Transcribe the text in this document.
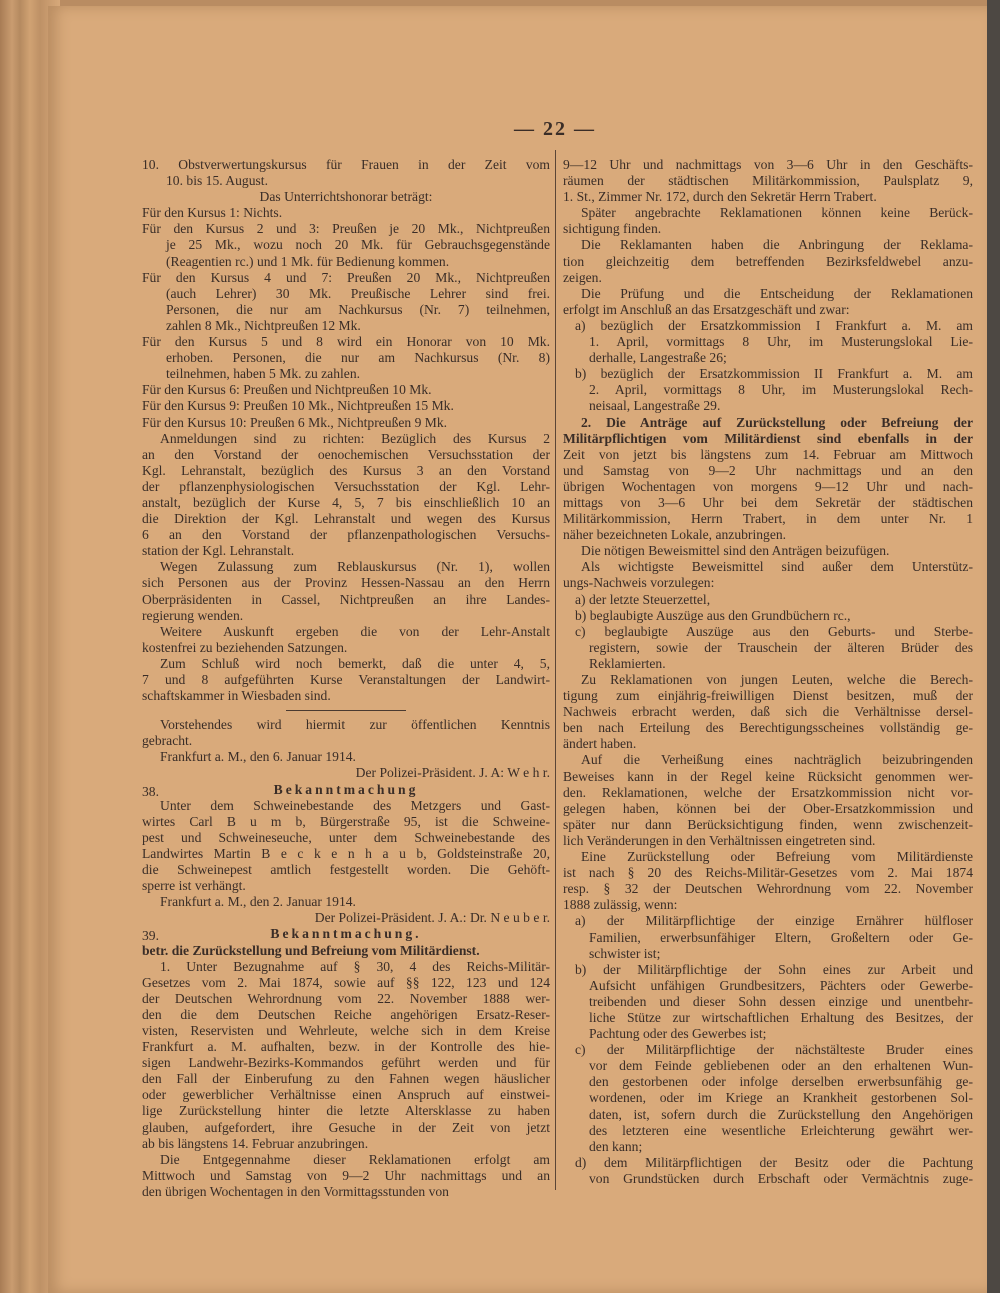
— 22 —
10. Obstverwertungskursus für Frauen in der Zeit vom
10. bis 15. August.
Das Unterrichtshonorar beträgt:
Für den Kursus 1: Nichts.
Für den Kursus 2 und 3: Preußen je 20 Mk., Nichtpreußen
je 25 Mk., wozu noch 20 Mk. für Gebrauchsgegenstände
(Reagentien rc.) und 1 Mk. für Bedienung kommen.
Für den Kursus 4 und 7: Preußen 20 Mk., Nichtpreußen
(auch Lehrer) 30 Mk. Preußische Lehrer sind frei.
Personen, die nur am Nachkursus (Nr. 7) teilnehmen,
zahlen 8 Mk., Nichtpreußen 12 Mk.
Für den Kursus 5 und 8 wird ein Honorar von 10 Mk.
erhoben. Personen, die nur am Nachkursus (Nr. 8)
teilnehmen, haben 5 Mk. zu zahlen.
Für den Kursus 6: Preußen und Nichtpreußen 10 Mk.
Für den Kursus 9: Preußen 10 Mk., Nichtpreußen 15 Mk.
Für den Kursus 10: Preußen 6 Mk., Nichtpreußen 9 Mk.
Anmeldungen sind zu richten: Bezüglich des Kursus 2
an den Vorstand der oenochemischen Versuchsstation der
Kgl. Lehranstalt, bezüglich des Kursus 3 an den Vorstand
der pflanzenphysiologischen Versuchsstation der Kgl. Lehr-
anstalt, bezüglich der Kurse 4, 5, 7 bis einschließlich 10 an
die Direktion der Kgl. Lehranstalt und wegen des Kursus
6 an den Vorstand der pflanzenpathologischen Versuchs-
station der Kgl. Lehranstalt.
Wegen Zulassung zum Reblauskursus (Nr. 1), wollen
sich Personen aus der Provinz Hessen-Nassau an den Herrn
Oberpräsidenten in Cassel, Nichtpreußen an ihre Landes-
regierung wenden.
Weitere Auskunft ergeben die von der Lehr-Anstalt
kostenfrei zu beziehenden Satzungen.
Zum Schluß wird noch bemerkt, daß die unter 4, 5,
7 und 8 aufgeführten Kurse Veranstaltungen der Landwirt-
schaftskammer in Wiesbaden sind.
Vorstehendes wird hiermit zur öffentlichen Kenntnis
gebracht.
Frankfurt a. M., den 6. Januar 1914.
Der Polizei-Präsident. J. A: W e h r.
38.	Bekanntmachung
Unter dem Schweinebestande des Metzgers und Gast-
wirtes Carl B u m b, Bürgerstraße 95, ist die Schweine-
pest und Schweineseuche, unter dem Schweinebestande des
Landwirtes Martin B e c k e n h a u b, Goldsteinstraße 20,
die Schweinepest amtlich festgestellt worden. Die Gehöft-
sperre ist verhängt.
Frankfurt a. M., den 2. Januar 1914.
Der Polizei-Präsident. J. A.: Dr. N e u b e r.
39.	Bekanntmachung.
betr. die Zurückstellung und Befreiung vom Militärdienst.
1. Unter Bezugnahme auf § 30, 4 des Reichs-Militär-
Gesetzes vom 2. Mai 1874, sowie auf §§ 122, 123 und 124
der Deutschen Wehrordnung vom 22. November 1888 wer-
den die dem Deutschen Reiche angehörigen Ersatz-Reser-
visten, Reservisten und Wehrleute, welche sich in dem Kreise
Frankfurt a. M. aufhalten, bezw. in der Kontrolle des hie-
sigen Landwehr-Bezirks-Kommandos geführt werden und für
den Fall der Einberufung zu den Fahnen wegen häuslicher
oder gewerblicher Verhältnisse einen Anspruch auf einstwei-
lige Zurückstellung hinter die letzte Altersklasse zu haben
glauben, aufgefordert, ihre Gesuche in der Zeit von jetzt
ab bis längstens 14. Februar anzubringen.
Die Entgegennahme dieser Reklamationen erfolgt am
Mittwoch und Samstag von 9—2 Uhr nachmittags und an
den übrigen Wochentagen in den Vormittagsstunden von
9—12 Uhr und nachmittags von 3—6 Uhr in den Geschäfts-
räumen der städtischen Militärkommission, Paulsplatz 9,
1. St., Zimmer Nr. 172, durch den Sekretär Herrn Trabert.
Später angebrachte Reklamationen können keine Berück-
sichtigung finden.
Die Reklamanten haben die Anbringung der Reklama-
tion gleichzeitig dem betreffenden Bezirksfeldwebel anzu-
zeigen.
Die Prüfung und die Entscheidung der Reklamationen
erfolgt im Anschluß an das Ersatzgeschäft und zwar:
a) bezüglich der Ersatzkommission I Frankfurt a. M. am
1. April, vormittags 8 Uhr, im Musterungslokal Lie-
derhalle, Langestraße 26;
b) bezüglich der Ersatzkommission II Frankfurt a. M. am
2. April, vormittags 8 Uhr, im Musterungslokal Rech-
neisaal, Langestraße 29.
2. Die Anträge auf Zurückstellung oder Befreiung der
Militärpflichtigen vom Militärdienst sind ebenfalls in der
Zeit von jetzt bis längstens zum 14. Februar am Mittwoch
und Samstag von 9—2 Uhr nachmittags und an den
übrigen Wochentagen von morgens 9—12 Uhr und nach-
mittags von 3—6 Uhr bei dem Sekretär der städtischen
Militärkommission, Herrn Trabert, in dem unter Nr. 1
näher bezeichneten Lokale, anzubringen.
Die nötigen Beweismittel sind den Anträgen beizufügen.
Als wichtigste Beweismittel sind außer dem Unterstütz-
ungs-Nachweis vorzulegen:
a) der letzte Steuerzettel,
b) beglaubigte Auszüge aus den Grundbüchern rc.,
c) beglaubigte Auszüge aus den Geburts- und Sterbe-
registern, sowie der Trauschein der älteren Brüder des
Reklamierten.
Zu Reklamationen von jungen Leuten, welche die Berech-
tigung zum einjährig-freiwilligen Dienst besitzen, muß der
Nachweis erbracht werden, daß sich die Verhältnisse dersel-
ben nach Erteilung des Berechtigungsscheines vollständig ge-
ändert haben.
Auf die Verheißung eines nachträglich beizubringenden
Beweises kann in der Regel keine Rücksicht genommen wer-
den. Reklamationen, welche der Ersatzkommission nicht vor-
gelegen haben, können bei der Ober-Ersatzkommission und
später nur dann Berücksichtigung finden, wenn zwischenzeit-
lich Veränderungen in den Verhältnissen eingetreten sind.
Eine Zurückstellung oder Befreiung vom Militärdienste
ist nach § 20 des Reichs-Militär-Gesetzes vom 2. Mai 1874
resp. § 32 der Deutschen Wehrordnung vom 22. November
1888 zulässig, wenn:
a) der Militärpflichtige der einzige Ernährer hülfloser
Familien, erwerbsunfähiger Eltern, Großeltern oder Ge-
schwister ist;
b) der Militärpflichtige der Sohn eines zur Arbeit und
Aufsicht unfähigen Grundbesitzers, Pächters oder Gewerbe-
treibenden und dieser Sohn dessen einzige und unentbehr-
liche Stütze zur wirtschaftlichen Erhaltung des Besitzes, der
Pachtung oder des Gewerbes ist;
c) der Militärpflichtige der nächstälteste Bruder eines
vor dem Feinde gebliebenen oder an den erhaltenen Wun-
den gestorbenen oder infolge derselben erwerbsunfähig ge-
wordenen, oder im Kriege an Krankheit gestorbenen Sol-
daten, ist, sofern durch die Zurückstellung den Angehörigen
des letzteren eine wesentliche Erleichterung gewährt wer-
den kann;
d) dem Militärpflichtigen der Besitz oder die Pachtung
von Grundstücken durch Erbschaft oder Vermächtnis zuge-
